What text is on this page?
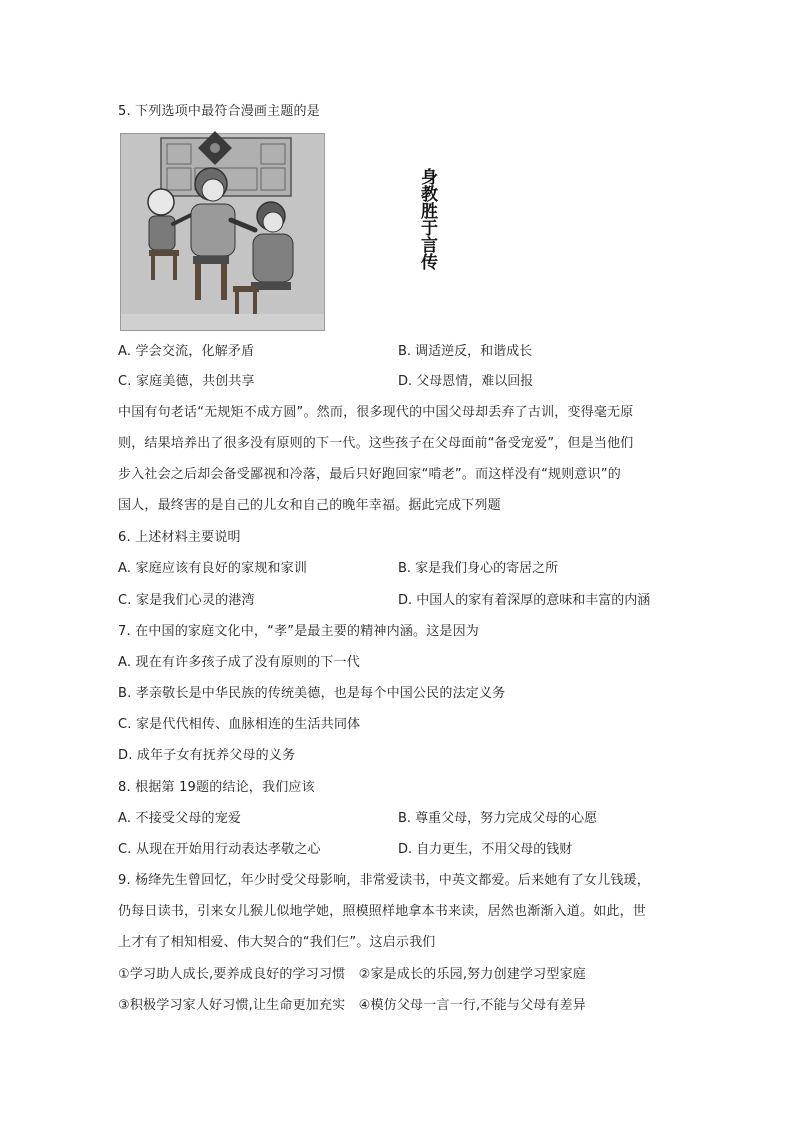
5. 下列选项中最符合漫画主题的是
身教胜于言传
A. 学会交流，化解矛盾	B. 调适逆反，和谐成长
C. 家庭美德，共创共享	D. 父母恩情，难以回报
中国有句老话“无规矩不成方圆”。然而，很多现代的中国父母却丢弃了古训，变得毫无原
则，结果培养出了很多没有原则的下一代。这些孩子在父母面前“备受宠爱”，但是当他们
步入社会之后却会备受鄙视和冷落，最后只好跑回家“啃老”。而这样没有“规则意识”的
国人，最终害的是自己的儿女和自己的晚年幸福。据此完成下列题
6. 上述材料主要说明
A. 家庭应该有良好的家规和家训	B. 家是我们身心的寄居之所
C. 家是我们心灵的港湾	D. 中国人的家有着深厚的意味和丰富的内涵
7. 在中国的家庭文化中，“孝”是最主要的精神内涵。这是因为
A. 现在有许多孩子成了没有原则的下一代
B. 孝亲敬长是中华民族的传统美德，也是每个中国公民的法定义务
C. 家是代代相传、血脉相连的生活共同体
D. 成年子女有抚养父母的义务
8. 根据第 19题的结论，我们应该
A. 不接受父母的宠爱	B. 尊重父母，努力完成父母的心愿
C. 从现在开始用行动表达孝敬之心	D. 自力更生，不用父母的钱财
9. 杨绛先生曾回忆，年少时受父母影响，非常爱读书，中英文都爱。后来她有了女儿钱瑗，
仍每日读书，引来女儿猴儿似地学她，照模照样地拿本书来读，居然也渐渐入道。如此，世
上才有了相知相爱、伟大契合的“我们仨”。这启示我们
①学习助人成长,要养成良好的学习习惯　②家是成长的乐园,努力创建学习型家庭
③积极学习家人好习惯,让生命更加充实　④模仿父母一言一行,不能与父母有差异
